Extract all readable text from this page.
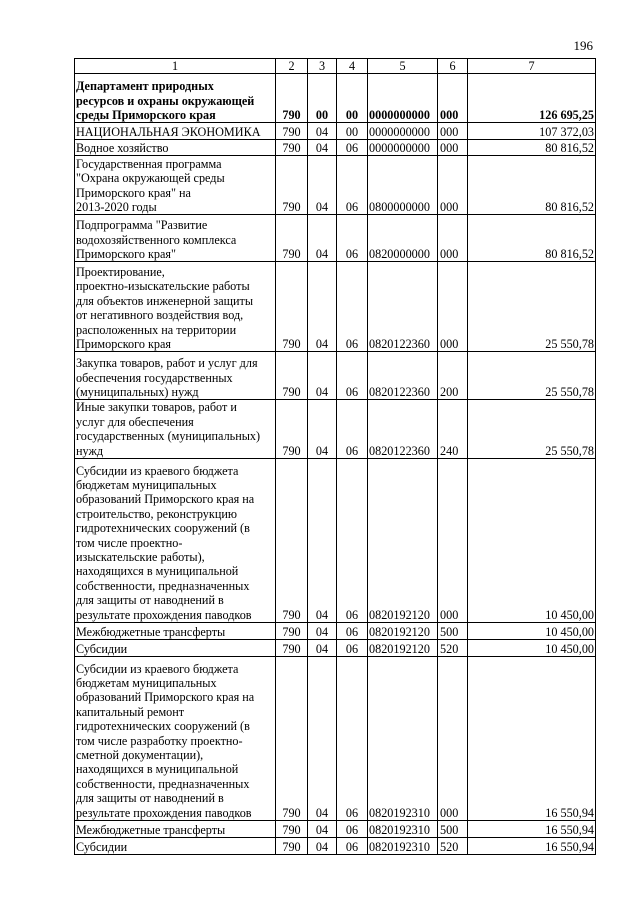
196
1	2	3	4	5	6	7
Департамент природных
ресурсов и охраны окружающей
среды Приморского края	790	00	00	0000000000	000	126 695,25
НАЦИОНАЛЬНАЯ ЭКОНОМИКА	790	04	00	0000000000	000	107 372,03
Водное хозяйство	790	04	06	0000000000	000	80 816,52
Государственная программа
"Охрана окружающей среды
Приморского края" на
2013-2020 годы	790	04	06	0800000000	000	80 816,52
Подпрограмма "Развитие
водохозяйственного комплекса
Приморского края"	790	04	06	0820000000	000	80 816,52
Проектирование,
проектно-изыскательские работы
для объектов инженерной защиты
от негативного воздействия вод,
расположенных на территории
Приморского края	790	04	06	0820122360	000	25 550,78
Закупка товаров, работ и услуг для
обеспечения государственных
(муниципальных) нужд	790	04	06	0820122360	200	25 550,78
Иные закупки товаров, работ и
услуг для обеспечения
государственных (муниципальных)
нужд	790	04	06	0820122360	240	25 550,78
Субсидии из краевого бюджета
бюджетам муниципальных
образований Приморского края на
строительство, реконструкцию
гидротехнических сооружений (в
том числе проектно-
изыскательские работы),
находящихся в муниципальной
собственности, предназначенных
для защиты от наводнений в
результате прохождения паводков	790	04	06	0820192120	000	10 450,00
Межбюджетные трансферты	790	04	06	0820192120	500	10 450,00
Субсидии	790	04	06	0820192120	520	10 450,00
Субсидии из краевого бюджета
бюджетам муниципальных
образований Приморского края на
капитальный ремонт
гидротехнических сооружений (в
том числе разработку проектно-
сметной документации),
находящихся в муниципальной
собственности, предназначенных
для защиты от наводнений в
результате прохождения паводков	790	04	06	0820192310	000	16 550,94
Межбюджетные трансферты	790	04	06	0820192310	500	16 550,94
Субсидии	790	04	06	0820192310	520	16 550,94
